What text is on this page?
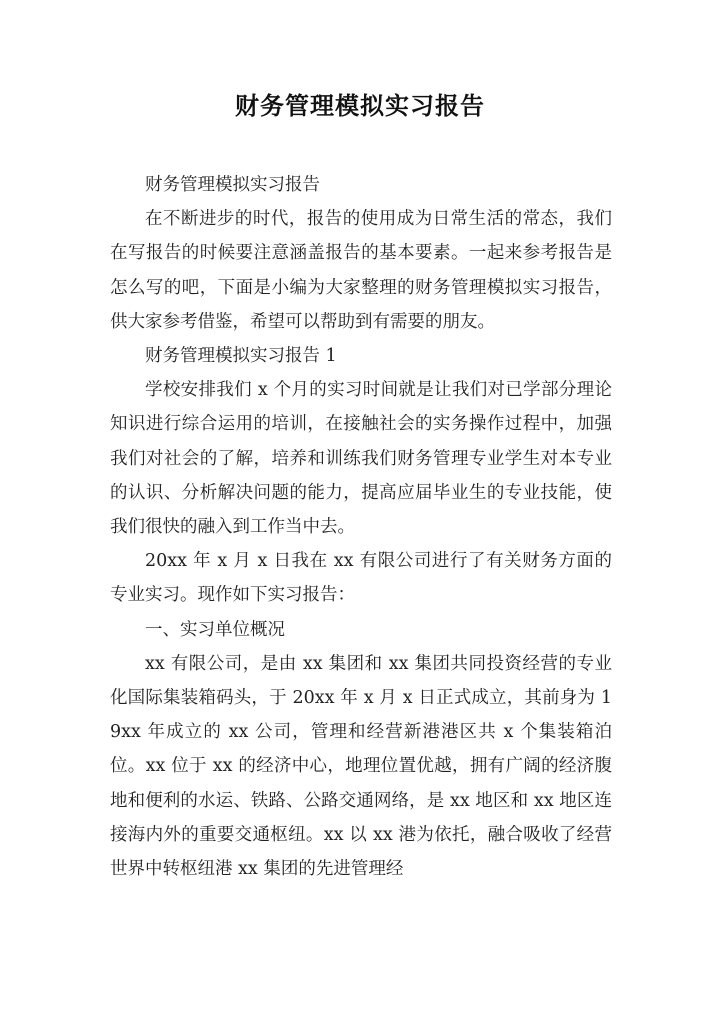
财务管理模拟实习报告

财务管理模拟实习报告

在不断进步的时代，报告的使用成为日常生活的常态，我们在写报告的时候要注意涵盖报告的基本要素。一起来参考报告是怎么写的吧，下面是小编为大家整理的财务管理模拟实习报告，供大家参考借鉴，希望可以帮助到有需要的朋友。

财务管理模拟实习报告 1

学校安排我们 x 个月的实习时间就是让我们对已学部分理论知识进行综合运用的培训，在接触社会的实务操作过程中，加强我们对社会的了解，培养和训练我们财务管理专业学生对本专业的认识、分析解决问题的能力，提高应届毕业生的专业技能，使我们很快的融入到工作当中去。

20xx 年 x 月 x 日我在 xx 有限公司进行了有关财务方面的专业实习。现作如下实习报告：

一、实习单位概况

xx 有限公司，是由 xx 集团和 xx 集团共同投资经营的专业化国际集装箱码头，于 20xx 年 x 月 x 日正式成立，其前身为 19xx 年成立的 xx 公司，管理和经营新港港区共 x 个集装箱泊位。xx 位于 xx 的经济中心，地理位置优越，拥有广阔的经济腹地和便利的水运、铁路、公路交通网络，是 xx 地区和 xx 地区连接海内外的重要交通枢纽。xx 以 xx 港为依托，融合吸收了经营世界中转枢纽港 xx 集团的先进管理经
